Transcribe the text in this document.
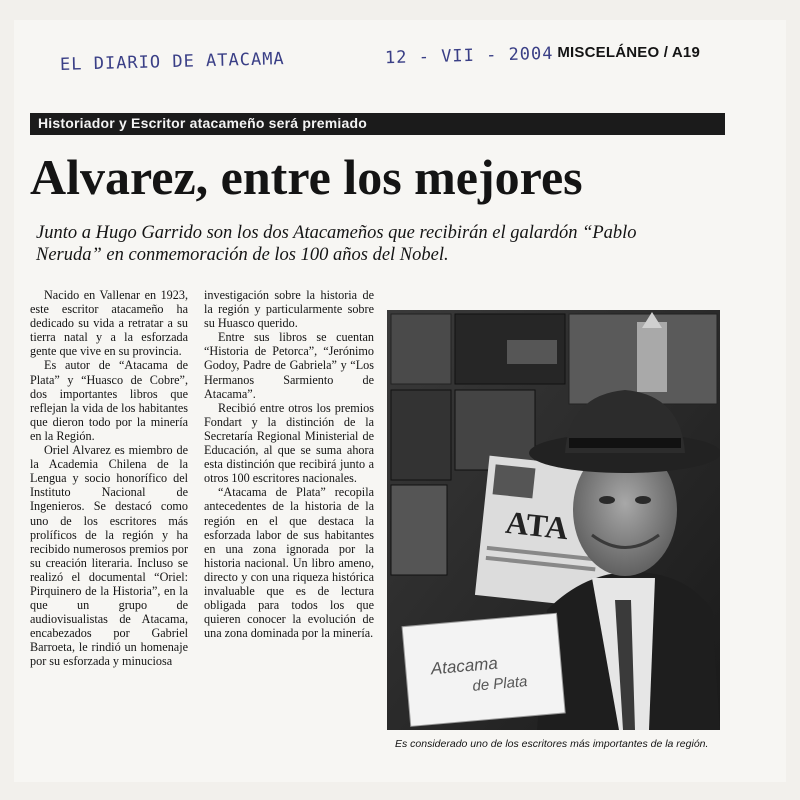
EL DIARIO DE ATACAMA	12 - VII - 2004 MISCELÁNEO / A19
Historiador y Escritor atacameño será premiado
Alvarez, entre los mejores
Junto a Hugo Garrido son los dos Atacameños que recibirán el galardón “Pablo Neruda” en conmemoración de los 100 años del Nobel.

Nacido en Vallenar en 1923, este escritor atacameño ha dedicado su vida a retratar a su tierra natal y a la esforzada gente que vive en su provincia.

Es autor de “Atacama de Plata” y “Huasco de Cobre”, dos importantes libros que reflejan la vida de los habitantes que dieron todo por la minería en la Región.

Oriel Alvarez es miembro de la Academia Chilena de la Lengua y socio honorífico del Instituto Nacional de Ingenieros. Se destacó como uno de los escritores más prolíficos de la región y ha recibido numerosos premios por su creación literaria. Incluso se realizó el documental “Oriel: Pirquinero de la Historia”, en la que un grupo de audiovisualistas de Atacama, encabezados por Gabriel Barroeta, le rindió un homenaje por su esforzada y minuciosa

investigación sobre la historia de la región y particularmente sobre su Huasco querido.

Entre sus libros se cuentan “Historia de Petorca”, “Jerónimo Godoy, Padre de Gabriela” y “Los Hermanos Sarmiento de Atacama”.

Recibió entre otros los premios Fondart y la distinción de la Secretaría Regional Ministerial de Educación, al que se suma ahora esta distinción que recibirá junto a otros 100 escritores nacionales.

“Atacama de Plata” recopila antecedentes de la historia de la región en el que destaca la esforzada labor de sus habitantes en una zona ignorada por la historia nacional. Un libro ameno, directo y con una riqueza histórica invaluable que es de lectura obligada para todos los que quieren conocer la evolución de una zona dominada por la minería.

ATA
Atacama
de Plata
Es considerado uno de los escritores más importantes de la región.
